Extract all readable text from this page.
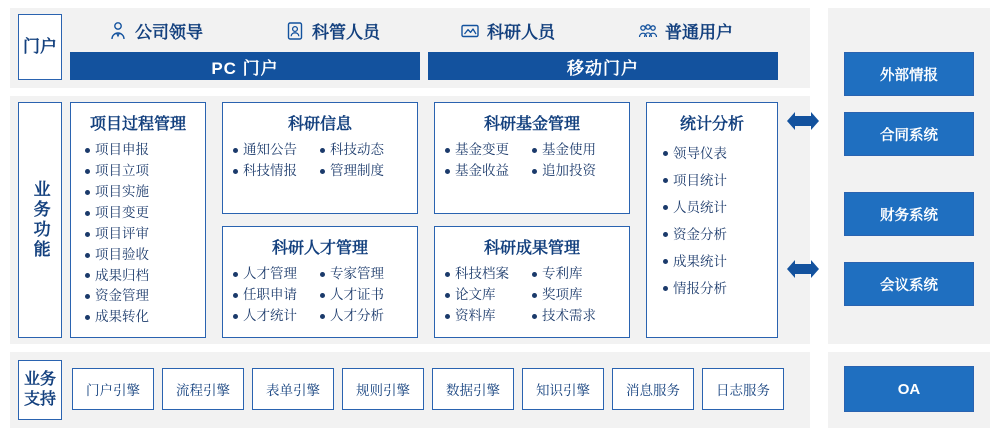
门户
公司领导	科管人员	科研人员	普通用户
PC 门户	移动门户
业务功能
项目过程管理
项目申报
项目立项
项目实施
项目变更
项目评审
项目验收
成果归档
资金管理
成果转化
科研信息
通知公告	科技动态
科技情报	管理制度
科研人才管理
人才管理	专家管理
任职申请	人才证书
人才统计	人才分析
科研基金管理
基金变更	基金使用
基金收益	追加投资
科研成果管理
科技档案	专利库
论文库	奖项库
资料库	技术需求
统计分析
领导仪表
项目统计
人员统计
资金分析
成果统计
情报分析
业务支持
门户引擎	流程引擎	表单引擎	规则引擎	数据引擎	知识引擎	消息服务	日志服务
外部情报
合同系统
财务系统
会议系统
OA
